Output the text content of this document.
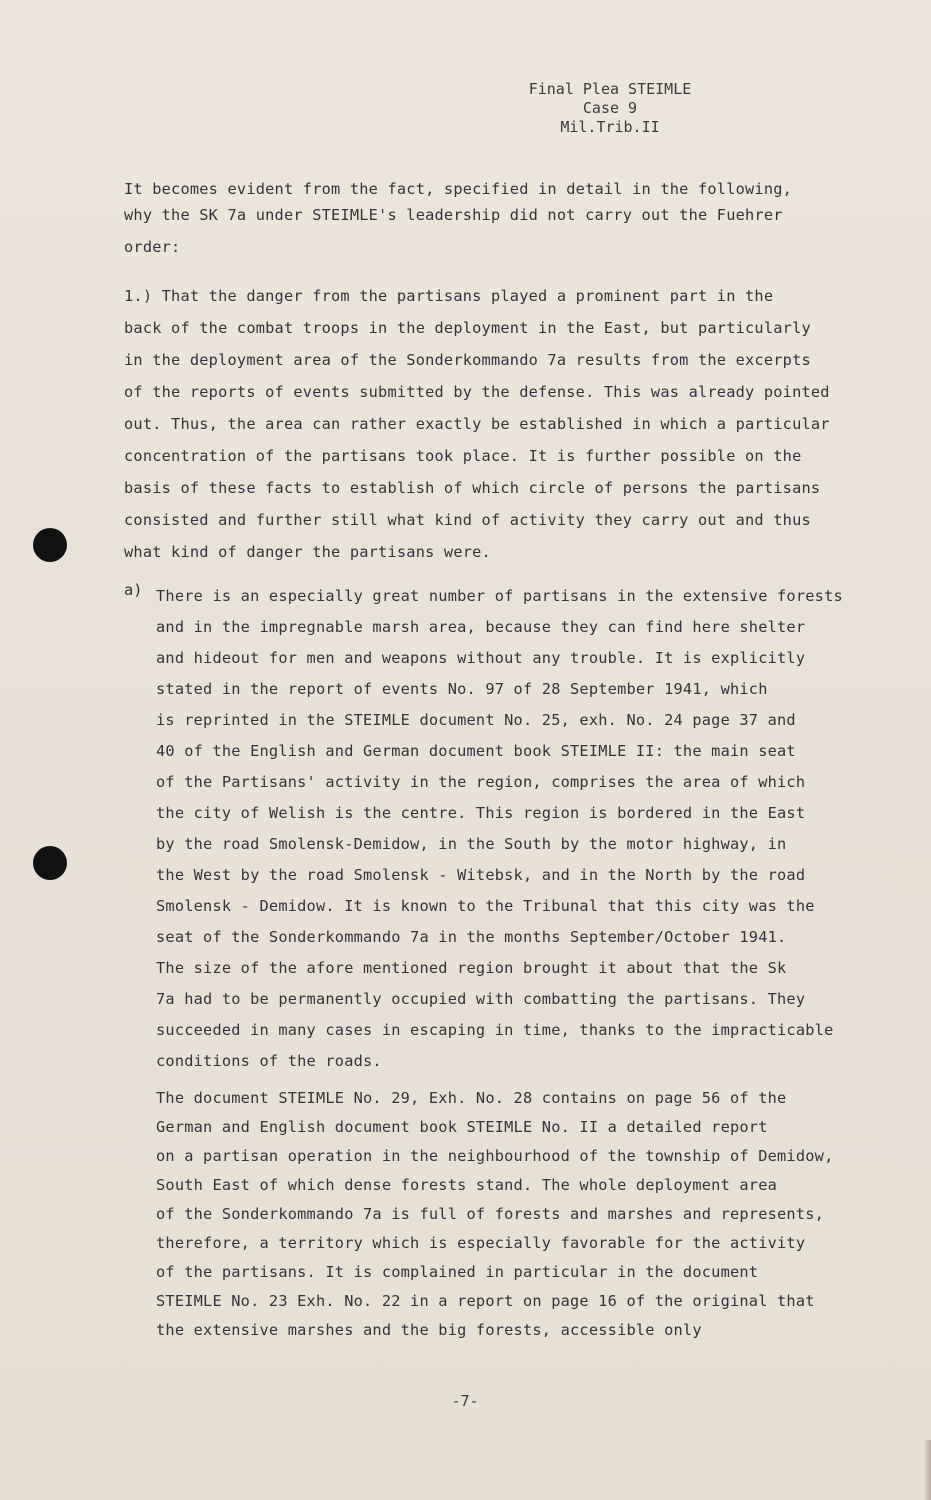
Final Plea STEIMLE
Case 9
Mil.Trib.II
It becomes evident from the fact, specified in detail in the following,
why the SK 7a under STEIMLE's leadership did not carry out the Fuehrer
order:
1.) That the danger from the partisans played a prominent part in the
back of the combat troops in the deployment in the East, but particularly
in the deployment area of the Sonderkommando 7a results from the excerpts
of the reports of events submitted by the defense. This was already pointed
out. Thus, the area can rather exactly be established in which a particular
concentration of the partisans took place. It is further possible on the
basis of these facts to establish of which circle of persons the partisans
consisted and further still what kind of activity they carry out and thus
what kind of danger the partisans were.
a) There is an especially great number of partisans in the extensive forests
and in the impregnable marsh area, because they can find here shelter
and hideout for men and weapons without any trouble. It is explicitly
stated in the report of events No. 97 of 28 September 1941, which
is reprinted in the STEIMLE document No. 25, exh. No. 24 page 37 and
40 of the English and German document book STEIMLE II: the main seat
of the Partisans' activity in the region, comprises the area of which
the city of Welish is the centre. This region is bordered in the East
by the road Smolensk-Demidow, in the South by the motor highway, in
the West by the road Smolensk - Witebsk, and in the North by the road
Smolensk - Demidow. It is known to the Tribunal that this city was the
seat of the Sonderkommando 7a in the months September/October 1941.
The size of the afore mentioned region brought it about that the Sk
7a had to be permanently occupied with combatting the partisans. They
succeeded in many cases in escaping in time, thanks to the impracticable
conditions of the roads.
The document STEIMLE No. 29, Exh. No. 28 contains on page 56 of the
German and English document book STEIMLE No. II a detailed report
on a partisan operation in the neighbourhood of the township of Demidow,
South East of which dense forests stand. The whole deployment area
of the Sonderkommando 7a is full of forests and marshes and represents,
therefore, a territory which is especially favorable for the activity
of the partisans. It is complained in particular in the document
STEIMLE No. 23 Exh. No. 22 in a report on page 16 of the original that
the extensive marshes and the big forests, accessible only
-7-
